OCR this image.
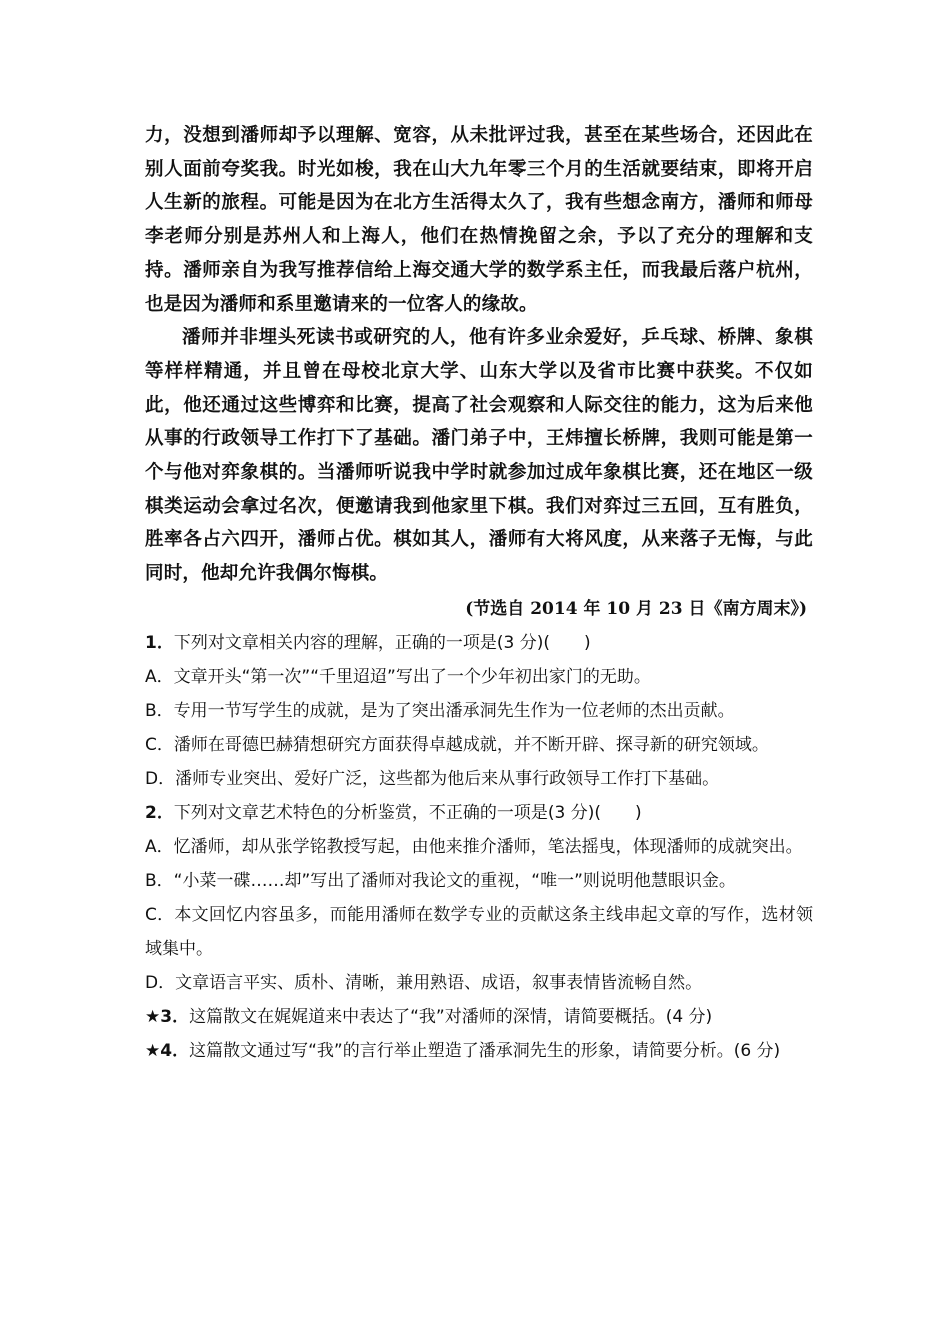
力，没想到潘师却予以理解、宽容，从未批评过我，甚至在某些场合，还因此在别人面前夸奖我。时光如梭，我在山大九年零三个月的生活就要结束，即将开启人生新的旅程。可能是因为在北方生活得太久了，我有些想念南方，潘师和师母李老师分别是苏州人和上海人，他们在热情挽留之余，予以了充分的理解和支持。潘师亲自为我写推荐信给上海交通大学的数学系主任，而我最后落户杭州，也是因为潘师和系里邀请来的一位客人的缘故。

潘师并非埋头死读书或研究的人，他有许多业余爱好，乒乓球、桥牌、象棋等样样精通，并且曾在母校北京大学、山东大学以及省市比赛中获奖。不仅如此，他还通过这些博弈和比赛，提高了社会观察和人际交往的能力，这为后来他从事的行政领导工作打下了基础。潘门弟子中，王炜擅长桥牌，我则可能是第一个与他对弈象棋的。当潘师听说我中学时就参加过成年象棋比赛，还在地区一级棋类运动会拿过名次，便邀请我到他家里下棋。我们对弈过三五回，互有胜负，胜率各占六四开，潘师占优。棋如其人，潘师有大将风度，从来落子无悔，与此同时，他却允许我偶尔悔棋。

(节选自 2014 年 10 月 23 日《南方周末》)

1．下列对文章相关内容的理解，正确的一项是(3 分)(　　)

A．文章开头“第一次”“千里迢迢”写出了一个少年初出家门的无助。

B．专用一节写学生的成就，是为了突出潘承洞先生作为一位老师的杰出贡献。

C．潘师在哥德巴赫猜想研究方面获得卓越成就，并不断开辟、探寻新的研究领域。

D．潘师专业突出、爱好广泛，这些都为他后来从事行政领导工作打下基础。

2．下列对文章艺术特色的分析鉴赏，不正确的一项是(3 分)(　　)

A．忆潘师，却从张学铭教授写起，由他来推介潘师，笔法摇曳，体现潘师的成就突出。

B．“小菜一碟……却”写出了潘师对我论文的重视，“唯一”则说明他慧眼识金。

C．本文回忆内容虽多，而能用潘师在数学专业的贡献这条主线串起文章的写作，选材领域集中。

D．文章语言平实、质朴、清晰，兼用熟语、成语，叙事表情皆流畅自然。

★3．这篇散文在娓娓道来中表达了“我”对潘师的深情，请简要概括。(4 分)

★4．这篇散文通过写“我”的言行举止塑造了潘承洞先生的形象，请简要分析。(6 分)
